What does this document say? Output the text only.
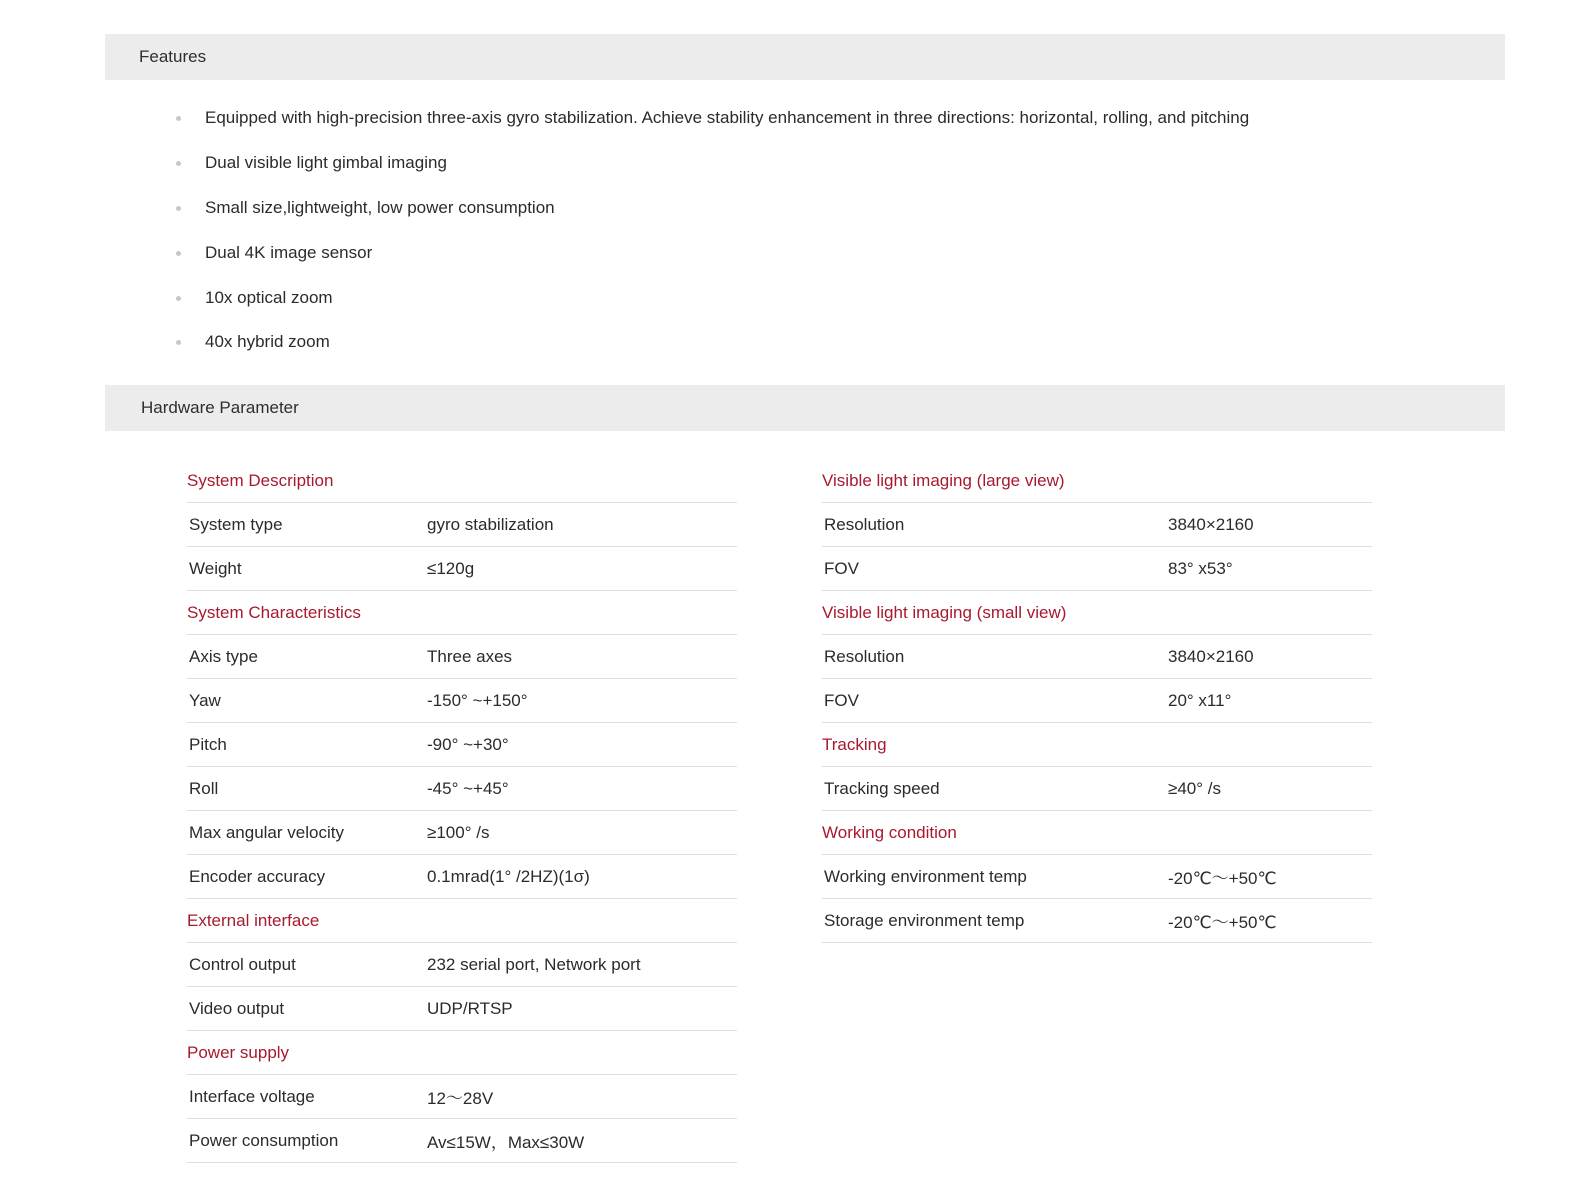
Features
Equipped with high-precision three-axis gyro stabilization. Achieve stability enhancement in three directions: horizontal, rolling, and pitching
Dual visible light gimbal imaging
Small size,lightweight, low power consumption
Dual 4K image sensor
10x optical zoom
40x hybrid zoom
Hardware Parameter
System Description
System type	gyro stabilization
Weight	≤120g
System Characteristics
Axis type	Three axes
Yaw	-150° ~+150°
Pitch	-90° ~+30°
Roll	-45° ~+45°
Max angular velocity	≥100° /s
Encoder accuracy	0.1mrad(1° /2HZ)(1σ)
External interface
Control output	232 serial port, Network port
Video output	UDP/RTSP
Power supply
Interface voltage	12～28V
Power consumption	Av≤15W，Max≤30W
Visible light imaging (large view)
Resolution	3840×2160
FOV	83° x53°
Visible light imaging (small view)
Resolution	3840×2160
FOV	20° x11°
Tracking
Tracking speed	≥40° /s
Working condition
Working environment temp	-20℃～+50℃
Storage environment temp	-20℃～+50℃
